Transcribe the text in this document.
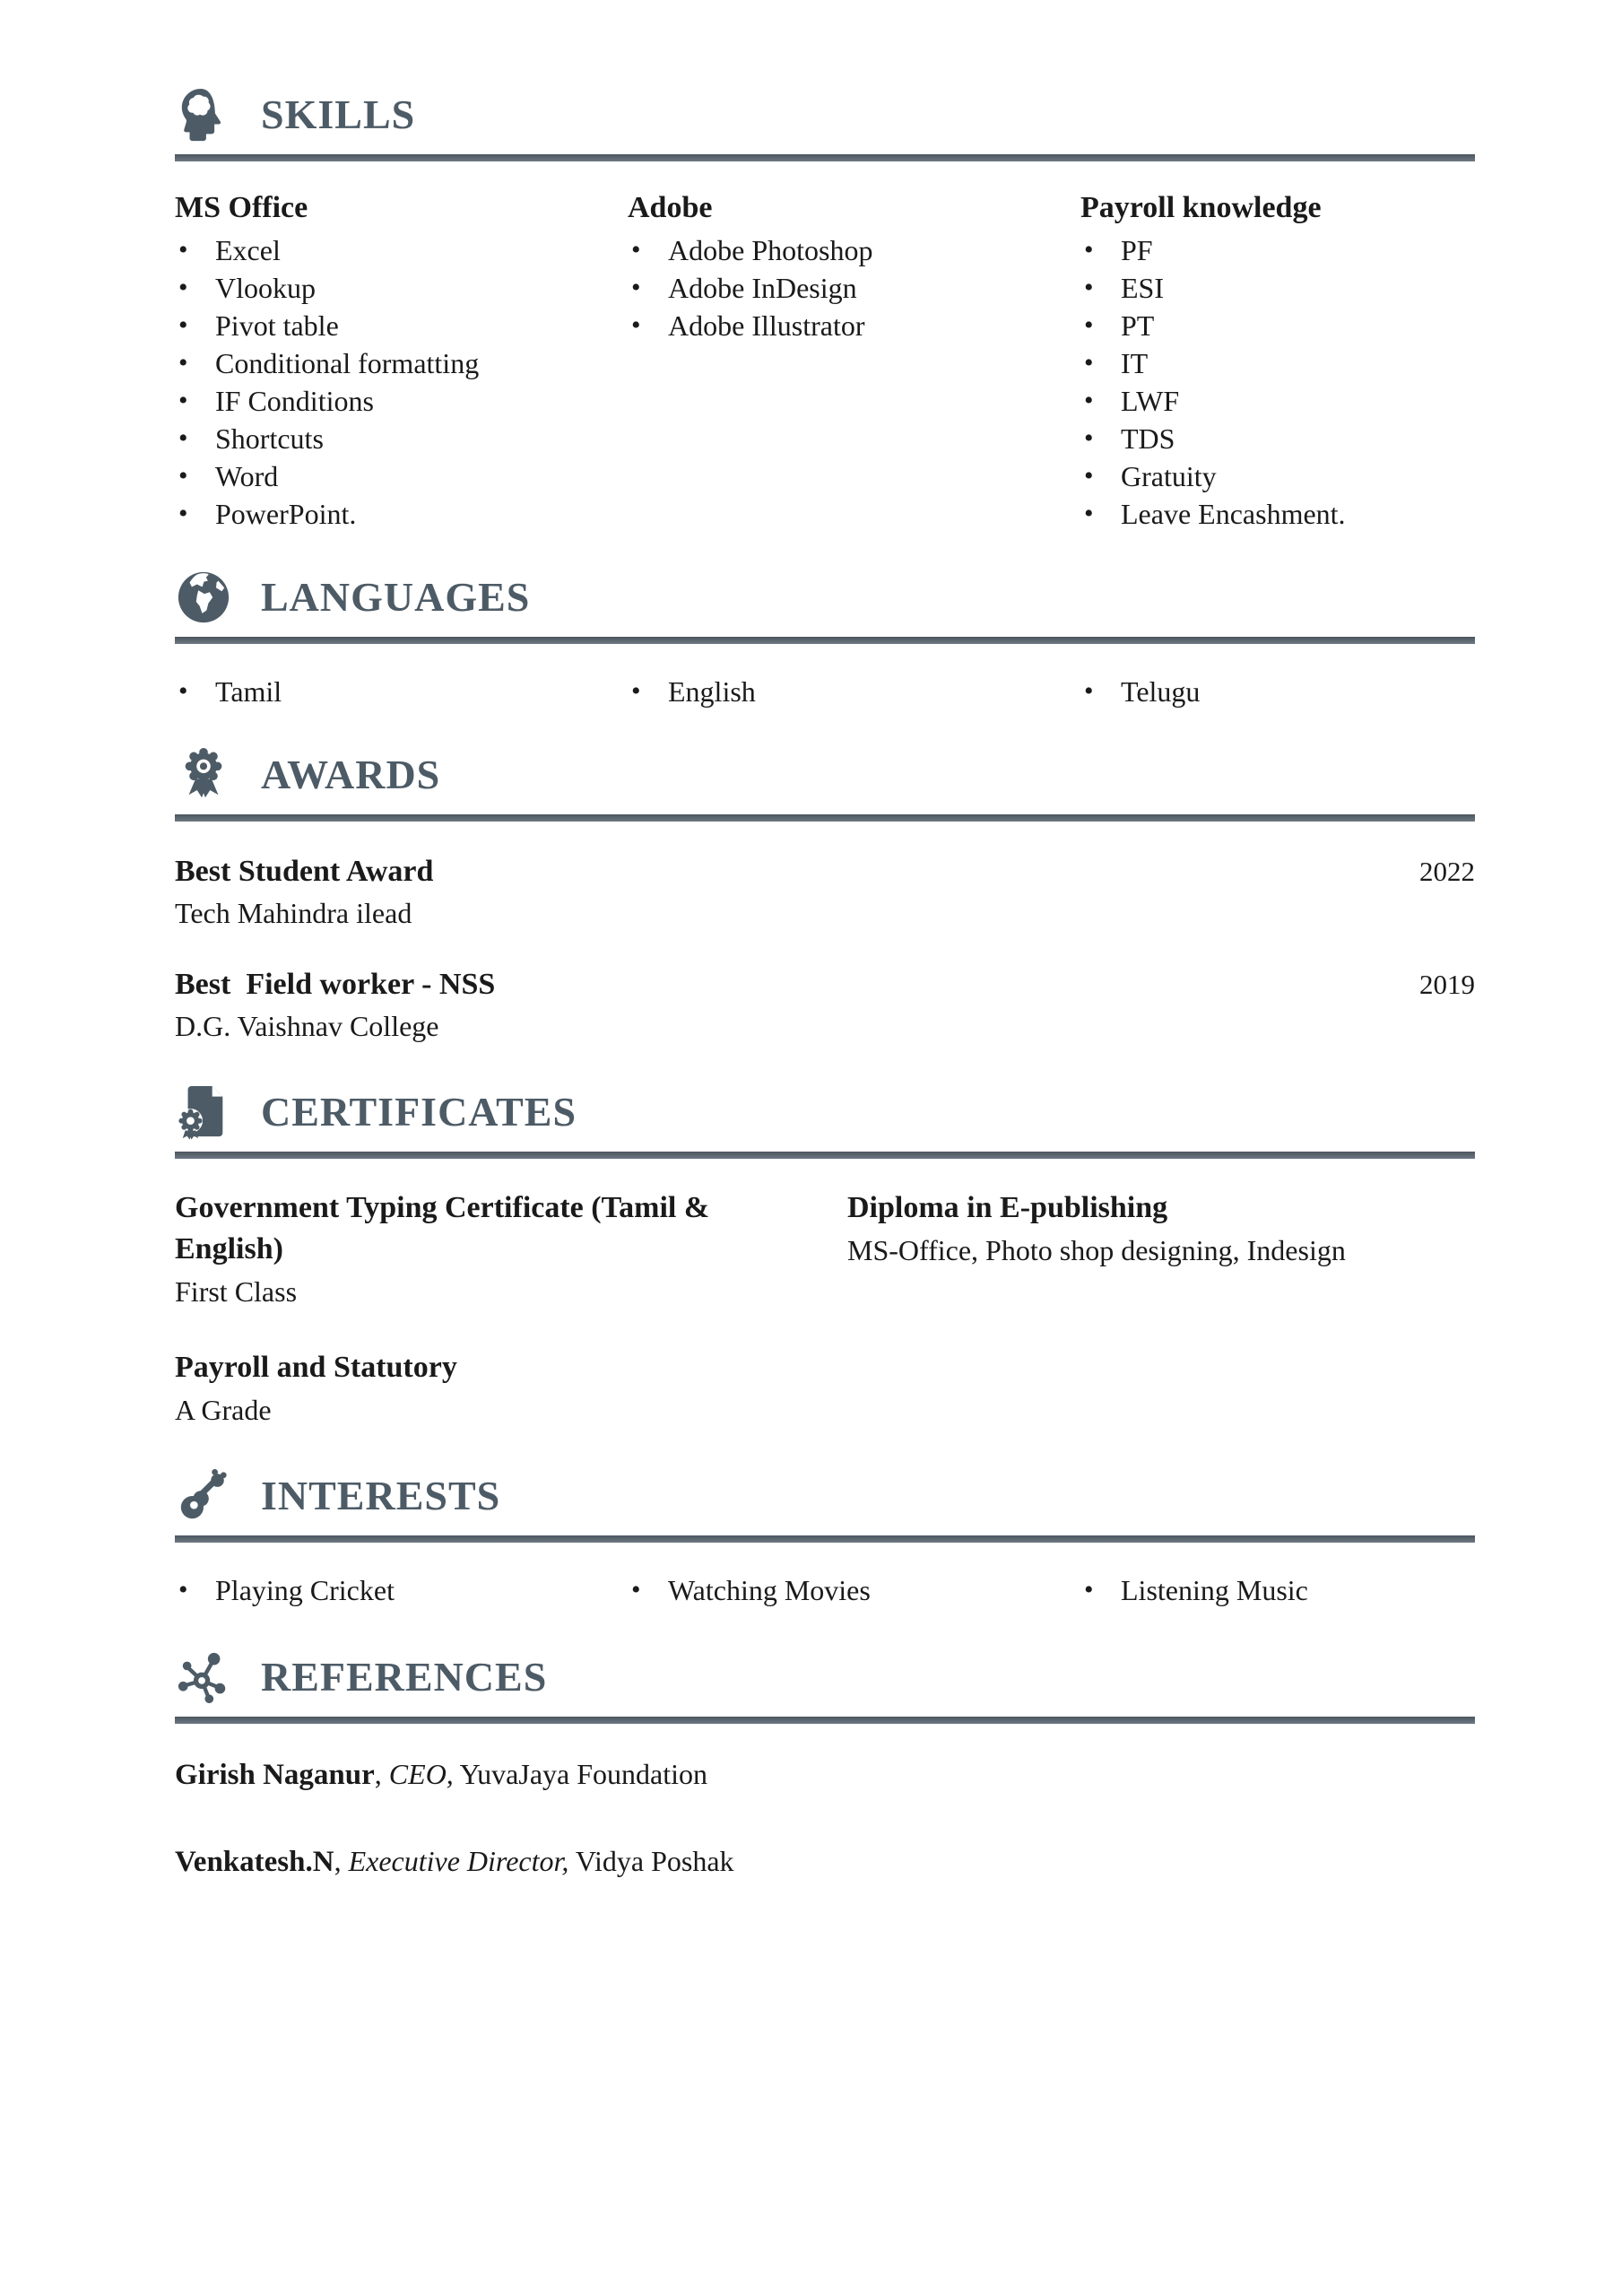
SKILLS
MS Office
• Excel
• Vlookup
• Pivot table
• Conditional formatting
• IF Conditions
• Shortcuts
• Word
• PowerPoint.
Adobe
• Adobe Photoshop
• Adobe InDesign
• Adobe Illustrator
Payroll knowledge
• PF
• ESI
• PT
• IT
• LWF
• TDS
• Gratuity
• Leave Encashment.
LANGUAGES
• Tamil	• English	• Telugu
AWARDS
Best Student Award	2022
Tech Mahindra ilead
Best  Field worker - NSS	2019
D.G. Vaishnav College
CERTIFICATES
Government Typing Certificate (Tamil & English)
First Class
Diploma in E-publishing
MS-Office, Photo shop designing, Indesign
Payroll and Statutory
A Grade
INTERESTS
• Playing Cricket	• Watching Movies	• Listening Music
REFERENCES
Girish Naganur, CEO, YuvaJaya Foundation
Venkatesh.N, Executive Director, Vidya Poshak
